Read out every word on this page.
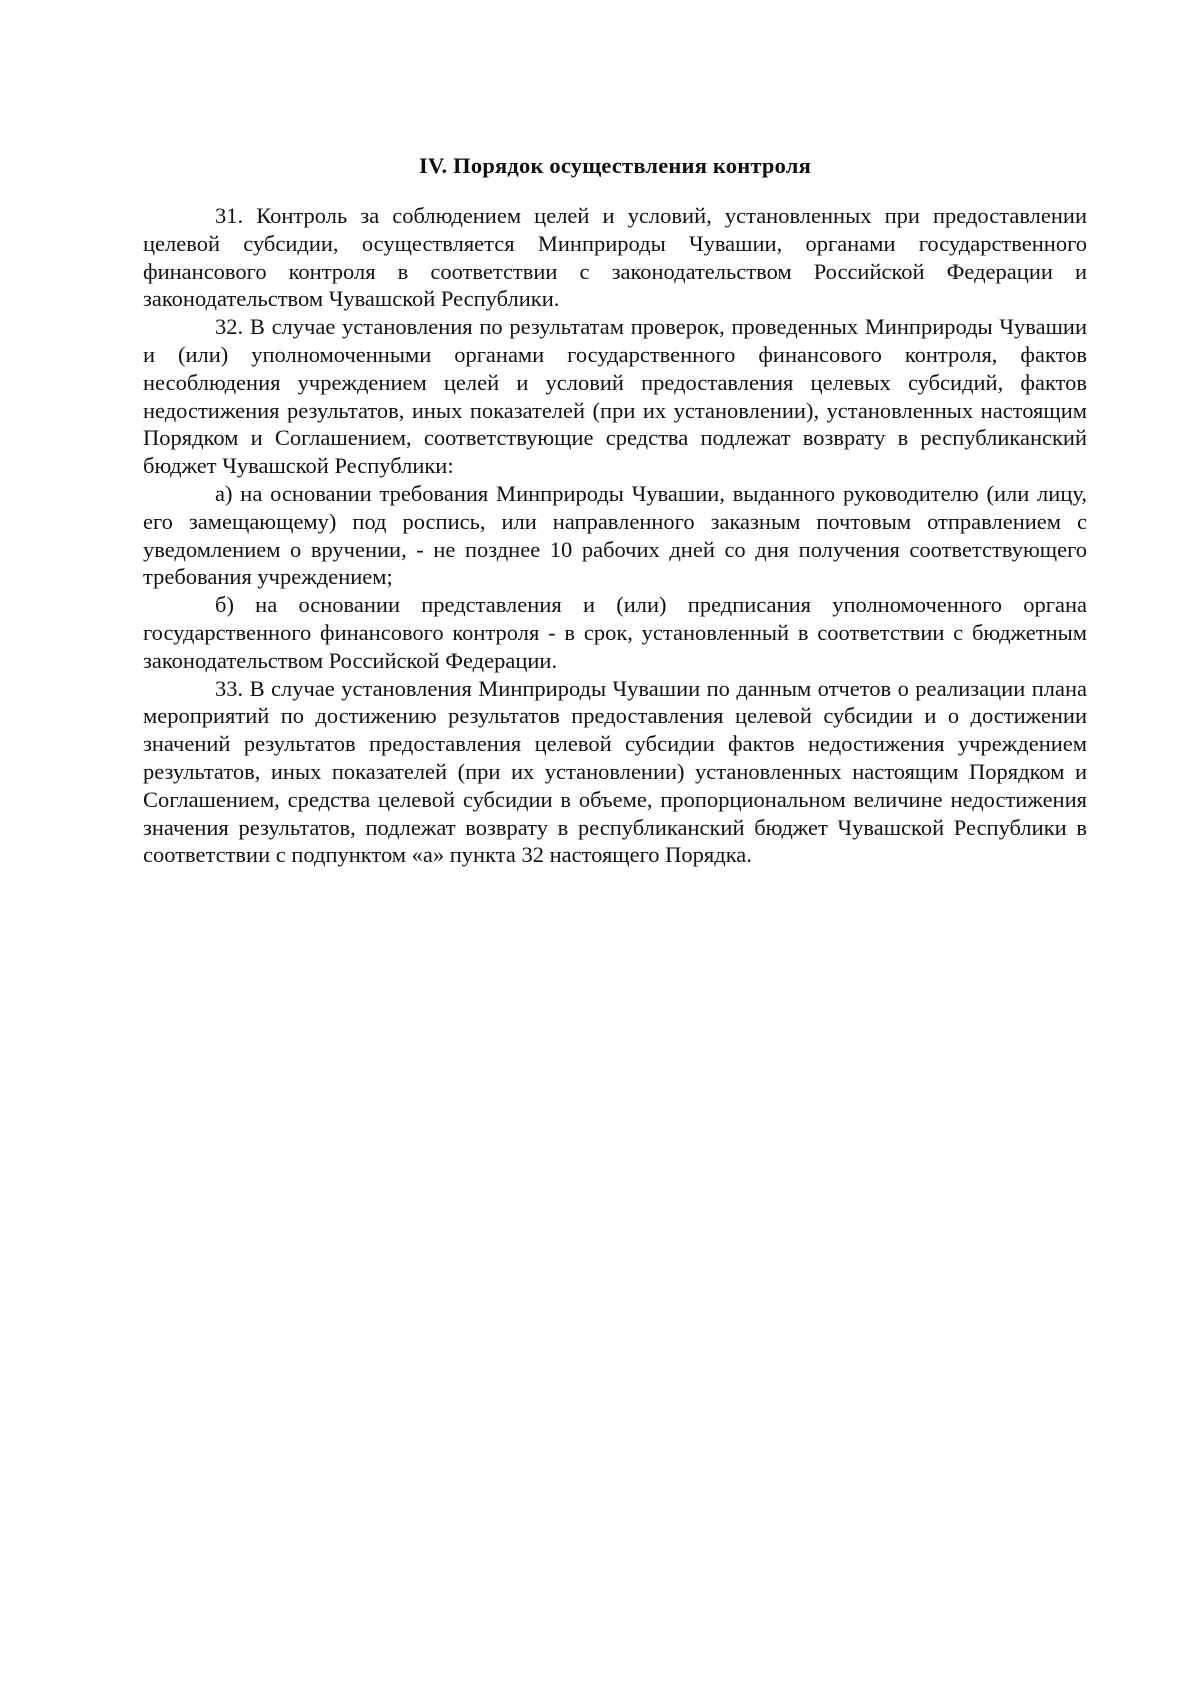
IV. Порядок осуществления контроля

31. Контроль за соблюдением целей и условий, установленных при предоставлении целевой субсидии, осуществляется Минприроды Чувашии, органами государственного финансового контроля в соответствии с законодательством Российской Федерации и законодательством Чувашской Республики.

32. В случае установления по результатам проверок, проведенных Минприроды Чувашии и (или) уполномоченными органами государственного финансового контроля, фактов несоблюдения учреждением целей и условий предоставления целевых субсидий, фактов недостижения результатов, иных показателей (при их установлении), установленных настоящим Порядком и Соглашением, соответствующие средства подлежат возврату в республиканский бюджет Чувашской Республики:

а) на основании требования Минприроды Чувашии, выданного руководителю (или лицу, его замещающему) под роспись, или направленного заказным почтовым отправлением с уведомлением о вручении, - не позднее 10 рабочих дней со дня получения соответствующего требования учреждением;

б) на основании представления и (или) предписания уполномоченного органа государственного финансового контроля - в срок, установленный в соответствии с бюджетным законодательством Российской Федерации.

33. В случае установления Минприроды Чувашии по данным отчетов о реализации плана мероприятий по достижению результатов предоставления целевой субсидии и о достижении значений результатов предоставления целевой субсидии фактов недостижения учреждением результатов, иных показателей (при их установлении) установленных настоящим Порядком и Соглашением, средства целевой субсидии в объеме, пропорциональном величине недостижения значения результатов, подлежат возврату в республиканский бюджет Чувашской Республики в соответствии с подпунктом «а» пункта 32 настоящего Порядка.
